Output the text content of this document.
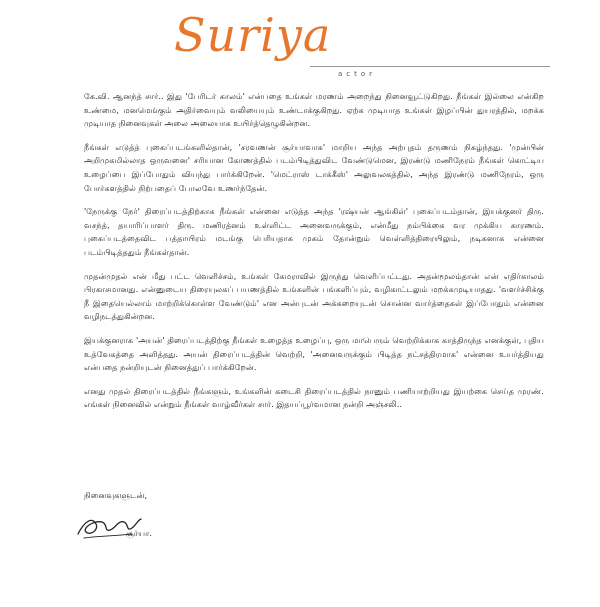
Suriya
actor

கே.வி. ஆனந்த் சார்.. இது 'பேரிடர் காலம்' என்பதை உங்கள் மரணம் அறைந்து நினைவூட்டுகிறது. நீங்கள் இல்லை என்கிற உண்மை, மனமெங்கும் அதிர்வையும் வலியையும் உண்டாக்குகிறது. ஏற்க முடியாத உங்கள் இழப்பின் துயரத்தில், மறக்க முடியாத நினைவுகள் அலை அலையாக உயிர்த்தெழுகின்றன.

நீங்கள் எடுத்த் புகைப்படங்களில்தான், 'சரவணன் சூர்யாவாக' மாறிய அந்த அற்புதம் தருணம் நிகழ்ந்தது. 'முன்பின் அறிமுகமில்லாத ஒருவனை' சரியான கோணத்தில் படம்பிடித்துவிட வேண்டுமென, இரண்டு மணிநேரம் நீங்கள் கொட்டிய உழைப்பை இப்போதும் வியந்து பார்க்கிறேன். 'மெட்ராஸ் டாக்கீஸ்' அலுவலகத்தில், அந்த இரண்டு மணிநேரம், ஒரு போர்களத்தில் நிற்பதைப் போலவே உணர்ந்தேன்.

'நேருக்கு நேர்' திரைப்படத்திற்காக நீங்கள் என்னை எடுத்த அந்த 'ரஷ்யன் ஆங்கிள்' புகைப்படம்தான், இயக்குனர் திரு. வசந்த், தயாரிப்பாளர் திரு. மணிரத்னம் உள்ளிட்ட அனைவருக்கும், என்மீது நம்பிக்கை வர முக்கிய காரணம். புகைப்படத்தைவிட பத்தாயிரம் மடங்கு பெரியதாக முகம் தோன்றும் வெள்ளித்திரையிலும், நடிகனாக என்னை படம்பிடித்ததும் நீங்கள்தான்.

முதன்முதல் என் மீது பட்ட வெளிச்சம், உங்கள் கேமராவில் இருந்து வெளிப்பட்டது. அதன்மூலம்தான் என் எதிர்காலம் பிரகாசமானது. என்னுடைய திரையுலகப் பயணத்தில் உங்களின் பங்களிப்பும், வழிகாட்டலும் மறக்கமுடியாதது. 'வளர்ச்சிக்கு நீ இதையெல்லாம் மாற்றிக்கொள்ள வேண்டும்' என அன்புடன் அக்கறையுடன் சொன்ன வார்த்தைகள் இப்போதும் என்னை வழிநடத்துகின்றன.

இயக்குனராக 'அயன்' திரைப்படத்திற்கு நீங்கள் உழைத்த உழைப்பு, ஒரு மாபெரும் வெற்றிக்காக காத்திருந்த எனக்குள், புதிய உத்வேகத்தை அளித்தது. அயன் திரைப்படத்தின் வெற்றி, 'அனைவருக்கும் பிடித்த நட்சத்திரமாக' என்னை உயர்த்தியது என்பதை நன்றியுடன் நினைத்துப் பார்க்கிறேன்.

எனது முதல் திரைப்படத்தில் நீங்களும், உங்களின் கடைசி திரைப்படத்தில் நானும் பணியாற்றியது இயற்கை செய்த முரண். எங்கள் நினைவில் என்றும் நீங்கள் வாழ்வீர்கள் சார். இதயப்பூர்வமான நன்றி அஞ்சலி..

நினைவுகளுடன்,
சூர்யா.
